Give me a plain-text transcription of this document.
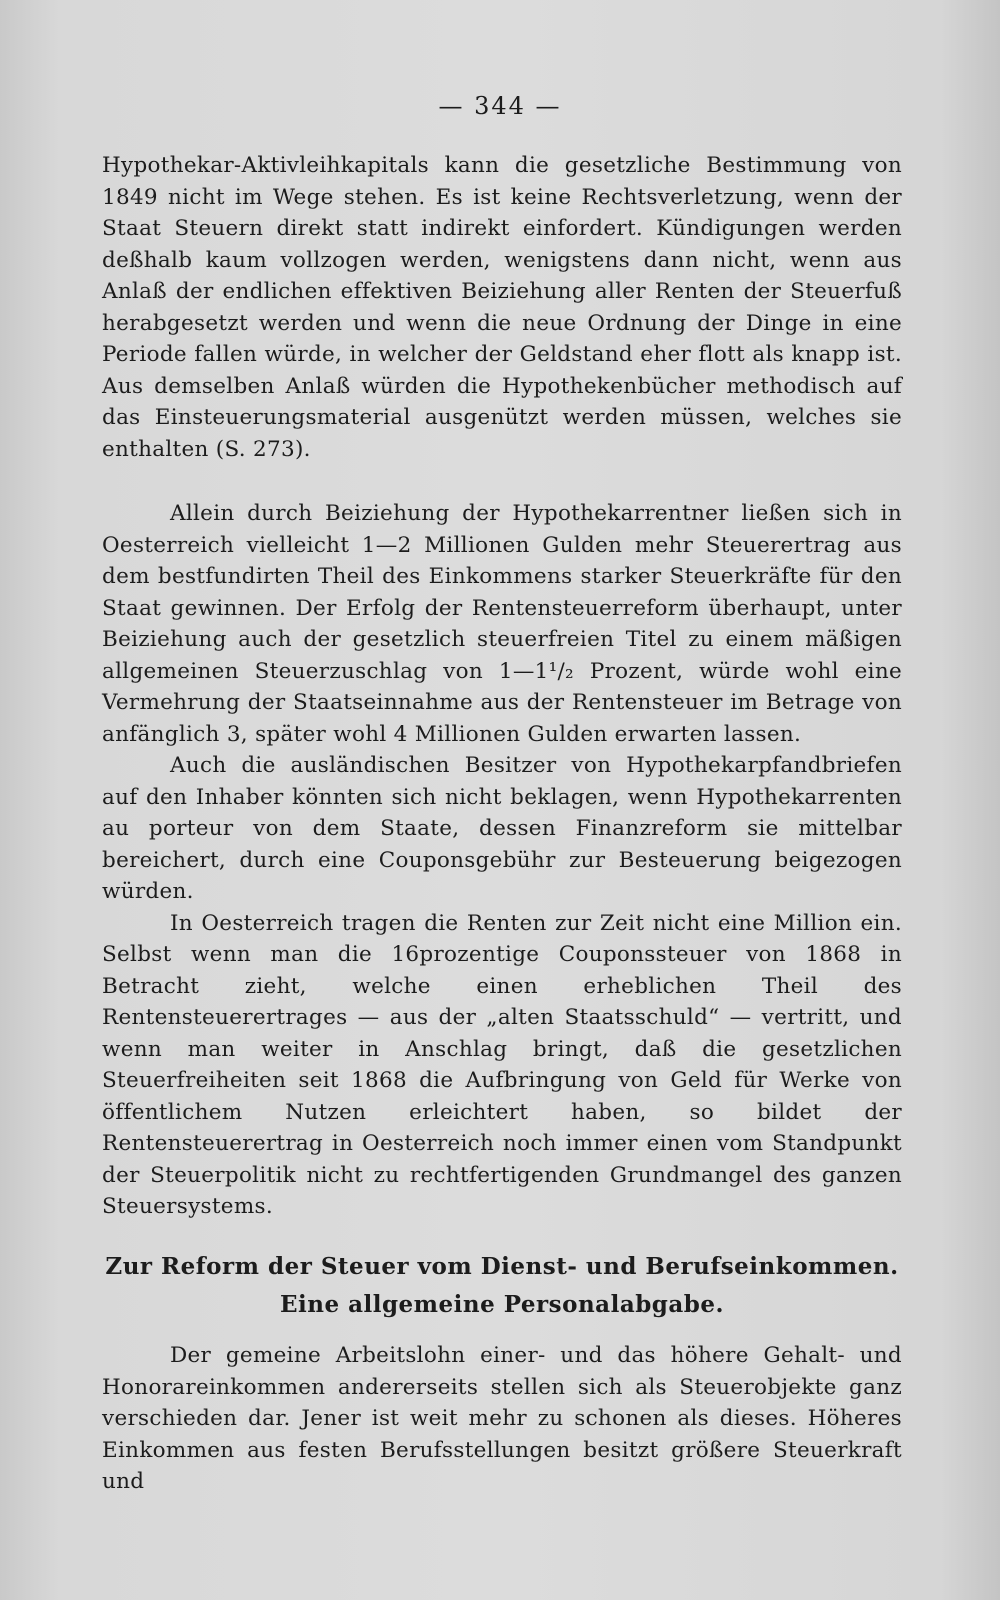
— 344 —

Hypothekar-Aktivleihkapitals kann die gesetzliche Bestimmung von 1849 nicht im Wege stehen. Es ist keine Rechtsverletzung, wenn der Staat Steuern direkt statt indirekt einfordert. Kündigungen werden deßhalb kaum vollzogen werden, wenigstens dann nicht, wenn aus Anlaß der endlichen effektiven Beiziehung aller Renten der Steuerfuß herabgesetzt werden und wenn die neue Ordnung der Dinge in eine Periode fallen würde, in welcher der Geldstand eher flott als knapp ist. Aus demselben Anlaß würden die Hypothekenbücher methodisch auf das Einsteuerungsmaterial ausgenützt werden müssen, welches sie enthalten (S. 273).

Allein durch Beiziehung der Hypothekarrentner ließen sich in Oesterreich vielleicht 1—2 Millionen Gulden mehr Steuerertrag aus dem bestfundirten Theil des Einkommens starker Steuerkräfte für den Staat gewinnen. Der Erfolg der Rentensteuerreform überhaupt, unter Beiziehung auch der gesetzlich steuerfreien Titel zu einem mäßigen allgemeinen Steuerzuschlag von 1—1¹/₂ Prozent, würde wohl eine Vermehrung der Staatseinnahme aus der Rentensteuer im Betrage von anfänglich 3, später wohl 4 Millionen Gulden erwarten lassen.

Auch die ausländischen Besitzer von Hypothekarpfandbriefen auf den Inhaber könnten sich nicht beklagen, wenn Hypothekarrenten au porteur von dem Staate, dessen Finanzreform sie mittelbar bereichert, durch eine Couponsgebühr zur Besteuerung beigezogen würden.

In Oesterreich tragen die Renten zur Zeit nicht eine Million ein. Selbst wenn man die 16prozentige Couponssteuer von 1868 in Betracht zieht, welche einen erheblichen Theil des Rentensteuerertrages — aus der „alten Staatsschuld“ — vertritt, und wenn man weiter in Anschlag bringt, daß die gesetzlichen Steuerfreiheiten seit 1868 die Aufbringung von Geld für Werke von öffentlichem Nutzen erleichtert haben, so bildet der Rentensteuerertrag in Oesterreich noch immer einen vom Standpunkt der Steuerpolitik nicht zu rechtfertigenden Grundmangel des ganzen Steuersystems.

Zur Reform der Steuer vom Dienst- und Berufseinkommen. Eine allgemeine Personalabgabe.

Der gemeine Arbeitslohn einer- und das höhere Gehalt- und Honorareinkommen andererseits stellen sich als Steuerobjekte ganz verschieden dar. Jener ist weit mehr zu schonen als dieses. Höheres Einkommen aus festen Berufsstellungen besitzt größere Steuerkraft und
